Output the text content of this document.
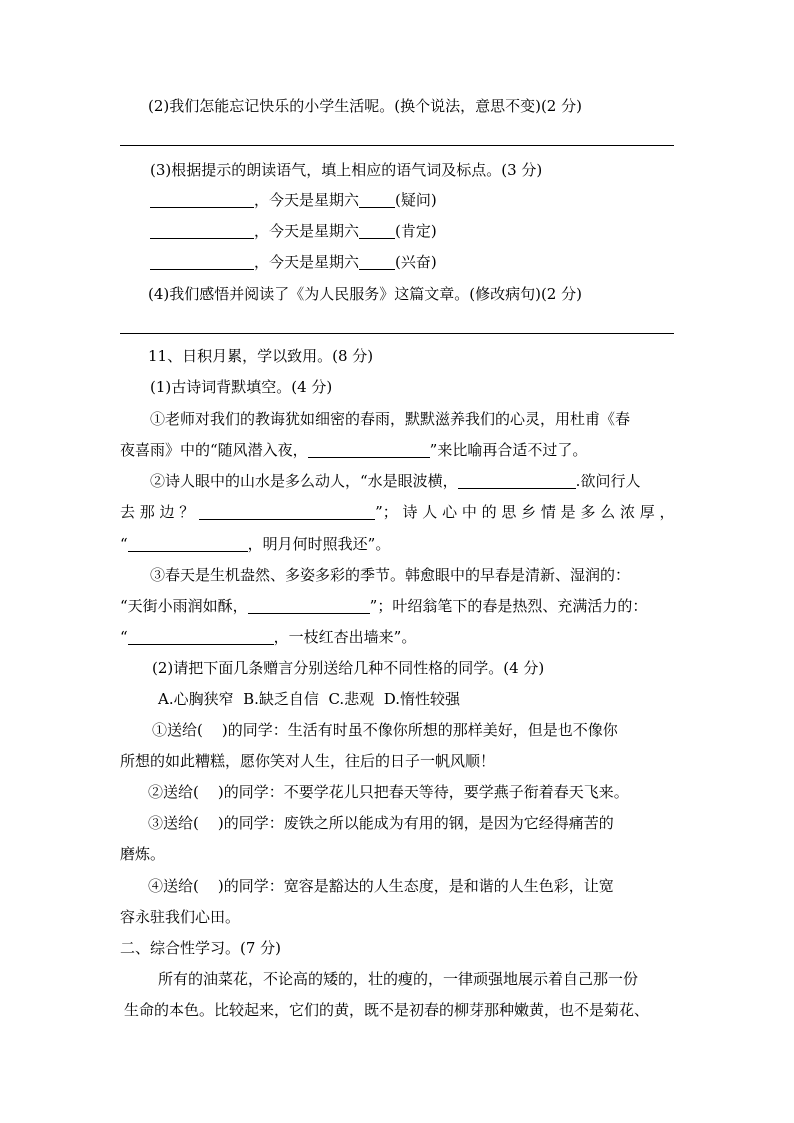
(2)我们怎能忘记快乐的小学生活呢。(换个说法，意思不变)(2 分)
(3)根据提示的朗读语气，填上相应的语气词及标点。(3 分)
，今天是星期六 (疑问)
，今天是星期六 (肯定)
，今天是星期六 (兴奋)
(4)我们感悟并阅读了《为人民服务》这篇文章。(修改病句)(2 分)
11、日积月累，学以致用。(8 分)
(1)古诗词背默填空。(4 分)
①老师对我们的教诲犹如细密的春雨，默默滋养我们的心灵，用杜甫《春
夜喜雨》中的“随风潜入夜，	”来比喻再合适不过了。
②诗人眼中的山水是多么动人，“水是眼波横，	.欲问行人
去 那 边 ？	”； 诗 人 心 中 的 思 乡 情 是 多 么 浓 厚 ，
“	，明月何时照我还”。
③春天是生机盎然、多姿多彩的季节。韩愈眼中的早春是清新、湿润的：
“天街小雨润如酥，	”；叶绍翁笔下的春是热烈、充满活力的：
“	，一枝红杏出墙来”。
(2)请把下面几条赠言分别送给几种不同性格的同学。(4 分)
A.心胸狭窄  B.缺乏自信  C.悲观  D.惰性较强
①送给(    )的同学：生活有时虽不像你所想的那样美好，但是也不像你
所想的如此糟糕，愿你笑对人生，往后的日子一帆风顺！
②送给(    )的同学：不要学花儿只把春天等待，要学燕子衔着春天飞来。
③送给(    )的同学：废铁之所以能成为有用的钢，是因为它经得痛苦的
磨炼。
④送给(    )的同学：宽容是豁达的人生态度，是和谐的人生色彩，让宽
容永驻我们心田。
二、综合性学习。(7 分)
所有的油菜花，不论高的矮的，壮的瘦的，一律顽强地展示着自己那一份
生命的本色。比较起来，它们的黄，既不是初春的柳芽那种嫩黄，也不是菊花、
